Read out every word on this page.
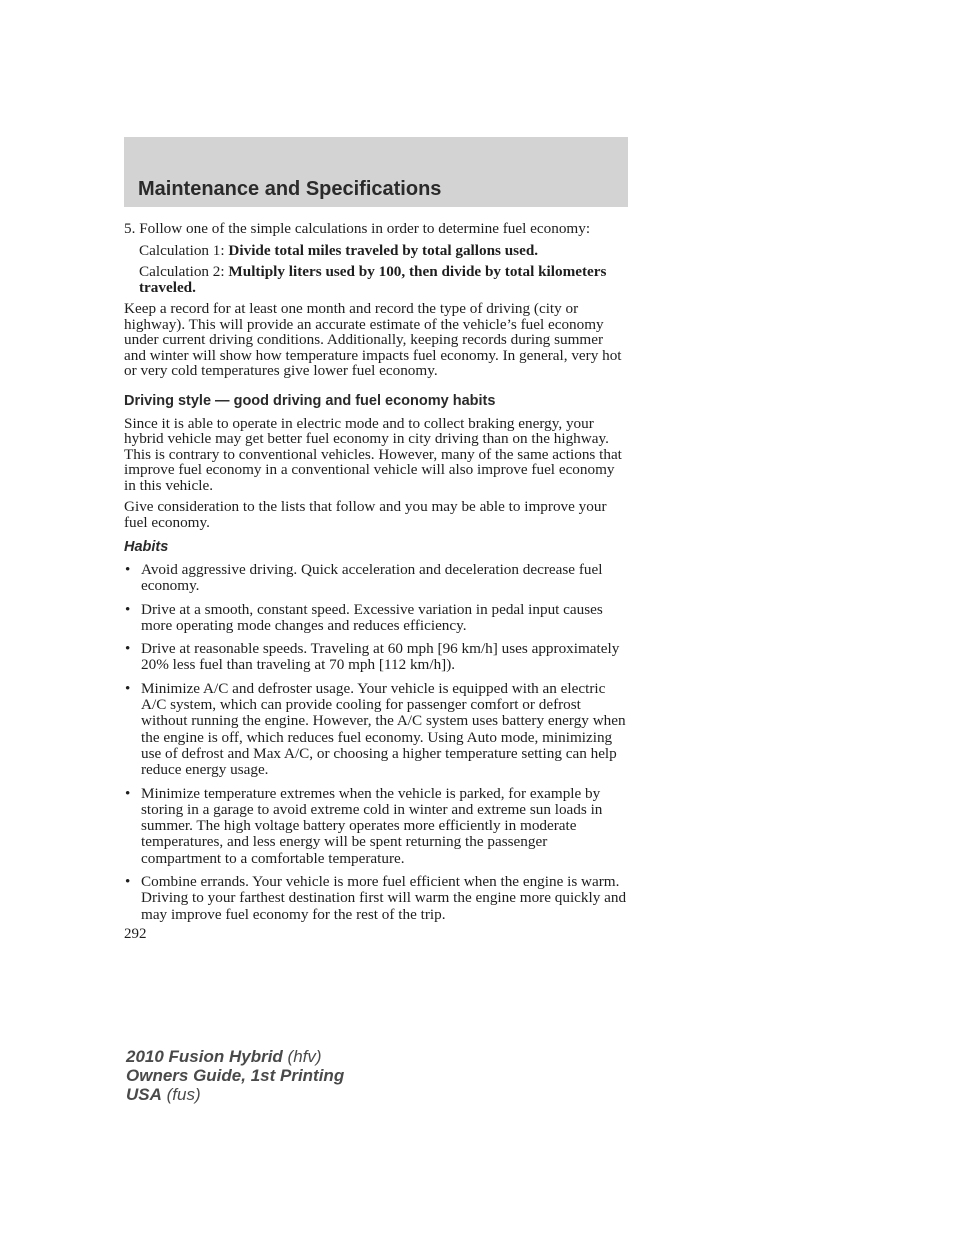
Maintenance and Specifications

5. Follow one of the simple calculations in order to determine fuel economy:

Calculation 1: Divide total miles traveled by total gallons used.

Calculation 2: Multiply liters used by 100, then divide by total kilometers traveled.

Keep a record for at least one month and record the type of driving (city or highway). This will provide an accurate estimate of the vehicle’s fuel economy under current driving conditions. Additionally, keeping records during summer and winter will show how temperature impacts fuel economy. In general, very hot or very cold temperatures give lower fuel economy.

Driving style — good driving and fuel economy habits

Since it is able to operate in electric mode and to collect braking energy, your hybrid vehicle may get better fuel economy in city driving than on the highway. This is contrary to conventional vehicles. However, many of the same actions that improve fuel economy in a conventional vehicle will also improve fuel economy in this vehicle.

Give consideration to the lists that follow and you may be able to improve your fuel economy.

Habits
• Avoid aggressive driving. Quick acceleration and deceleration decrease fuel economy.
• Drive at a smooth, constant speed. Excessive variation in pedal input causes more operating mode changes and reduces efficiency.
• Drive at reasonable speeds. Traveling at 60 mph [96 km/h] uses approximately 20% less fuel than traveling at 70 mph [112 km/h]).
• Minimize A/C and defroster usage. Your vehicle is equipped with an electric A/C system, which can provide cooling for passenger comfort or defrost without running the engine. However, the A/C system uses battery energy when the engine is off, which reduces fuel economy. Using Auto mode, minimizing use of defrost and Max A/C, or choosing a higher temperature setting can help reduce energy usage.
• Minimize temperature extremes when the vehicle is parked, for example by storing in a garage to avoid extreme cold in winter and extreme sun loads in summer. The high voltage battery operates more efficiently in moderate temperatures, and less energy will be spent returning the passenger compartment to a comfortable temperature.
• Combine errands. Your vehicle is more fuel efficient when the engine is warm. Driving to your farthest destination first will warm the engine more quickly and may improve fuel economy for the rest of the trip.
292
2010 Fusion Hybrid (hfv)
Owners Guide, 1st Printing
USA (fus)
